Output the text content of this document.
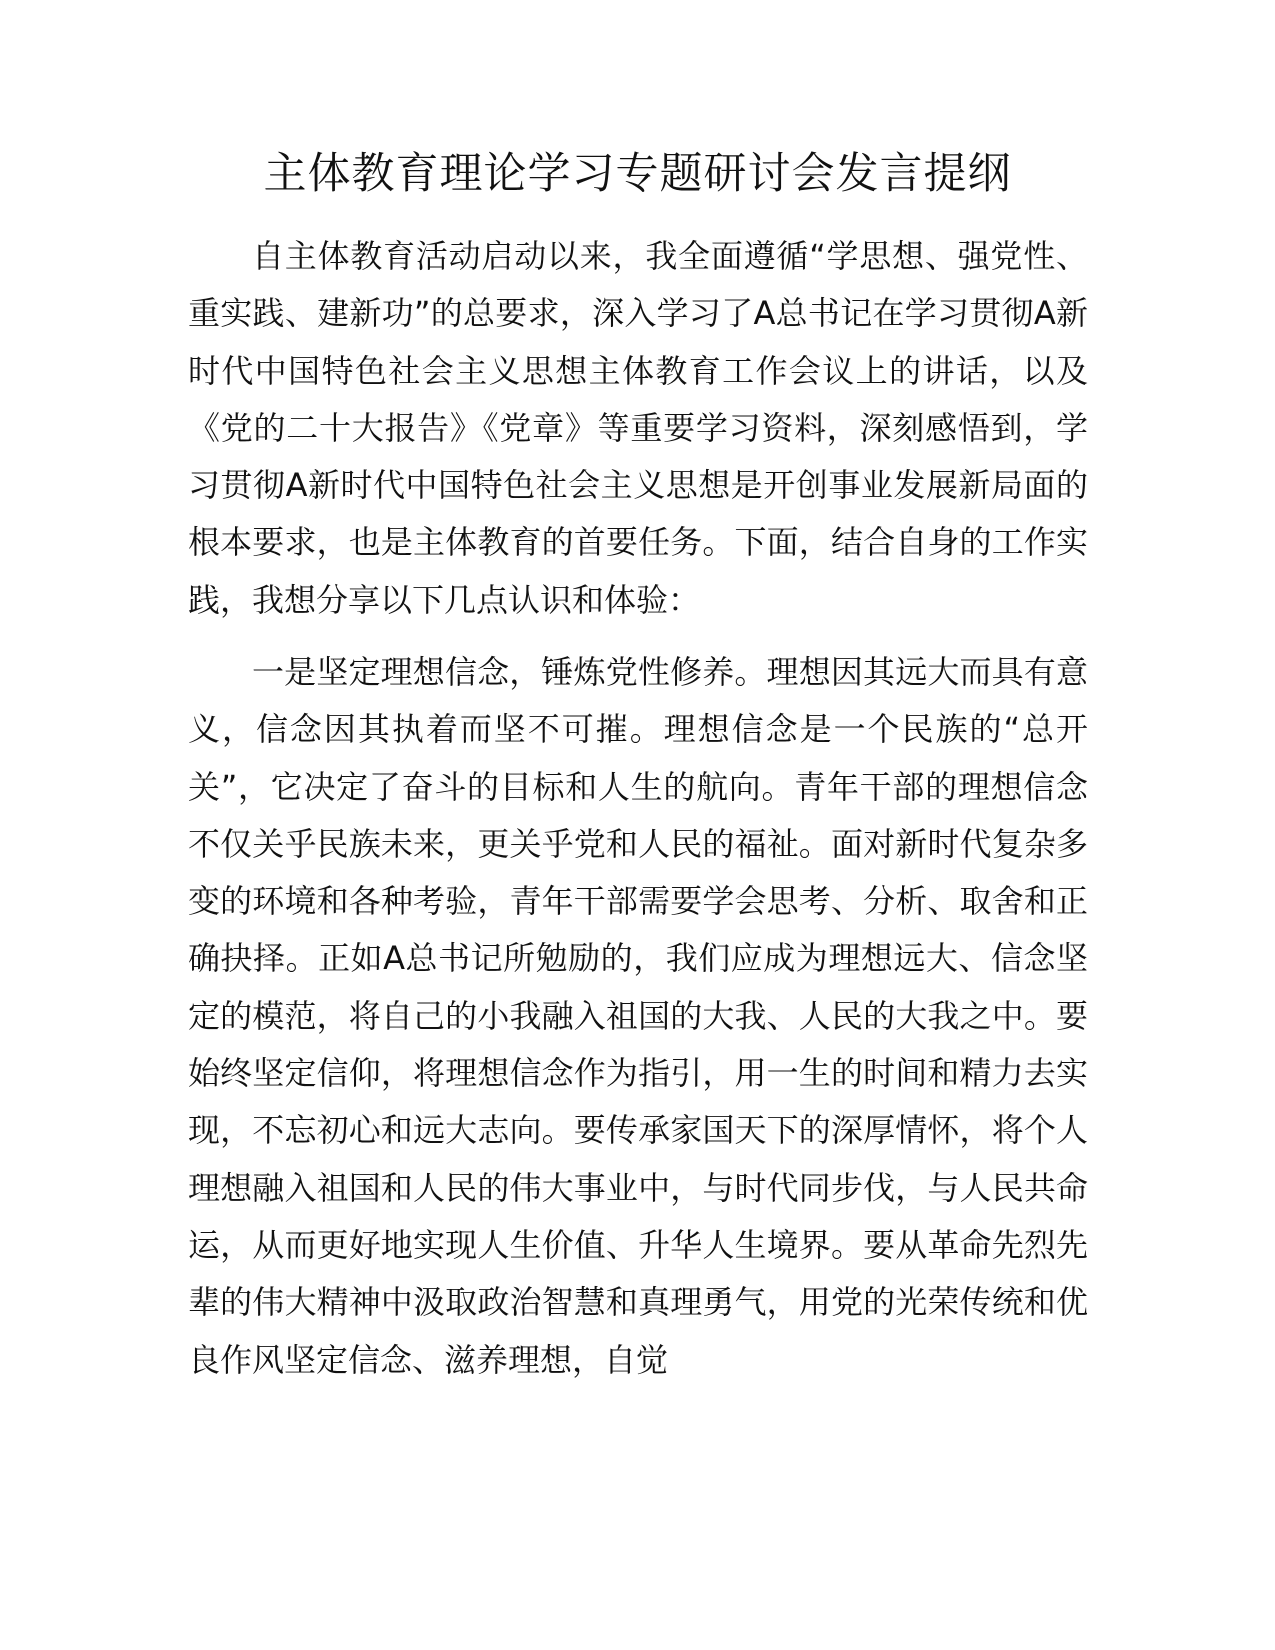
主体教育理论学习专题研讨会发言提纲

自主体教育活动启动以来，我全面遵循“学思想、强党性、重实践、建新功”的总要求，深入学习了A总书记在学习贯彻A新时代中国特色社会主义思想主体教育工作会议上的讲话，以及《党的二十大报告》《党章》等重要学习资料，深刻感悟到，学习贯彻A新时代中国特色社会主义思想是开创事业发展新局面的根本要求，也是主体教育的首要任务。下面，结合自身的工作实践，我想分享以下几点认识和体验：

一是坚定理想信念，锤炼党性修养。理想因其远大而具有意义，信念因其执着而坚不可摧。理想信念是一个民族的“总开关”，它决定了奋斗的目标和人生的航向。青年干部的理想信念不仅关乎民族未来，更关乎党和人民的福祉。面对新时代复杂多变的环境和各种考验，青年干部需要学会思考、分析、取舍和正确抉择。正如A总书记所勉励的，我们应成为理想远大、信念坚定的模范，将自己的小我融入祖国的大我、人民的大我之中。要始终坚定信仰，将理想信念作为指引，用一生的时间和精力去实现，不忘初心和远大志向。要传承家国天下的深厚情怀，将个人理想融入祖国和人民的伟大事业中，与时代同步伐，与人民共命运，从而更好地实现人生价值、升华人生境界。要从革命先烈先辈的伟大精神中汲取政治智慧和真理勇气，用党的光荣传统和优良作风坚定信念、滋养理想，自觉
